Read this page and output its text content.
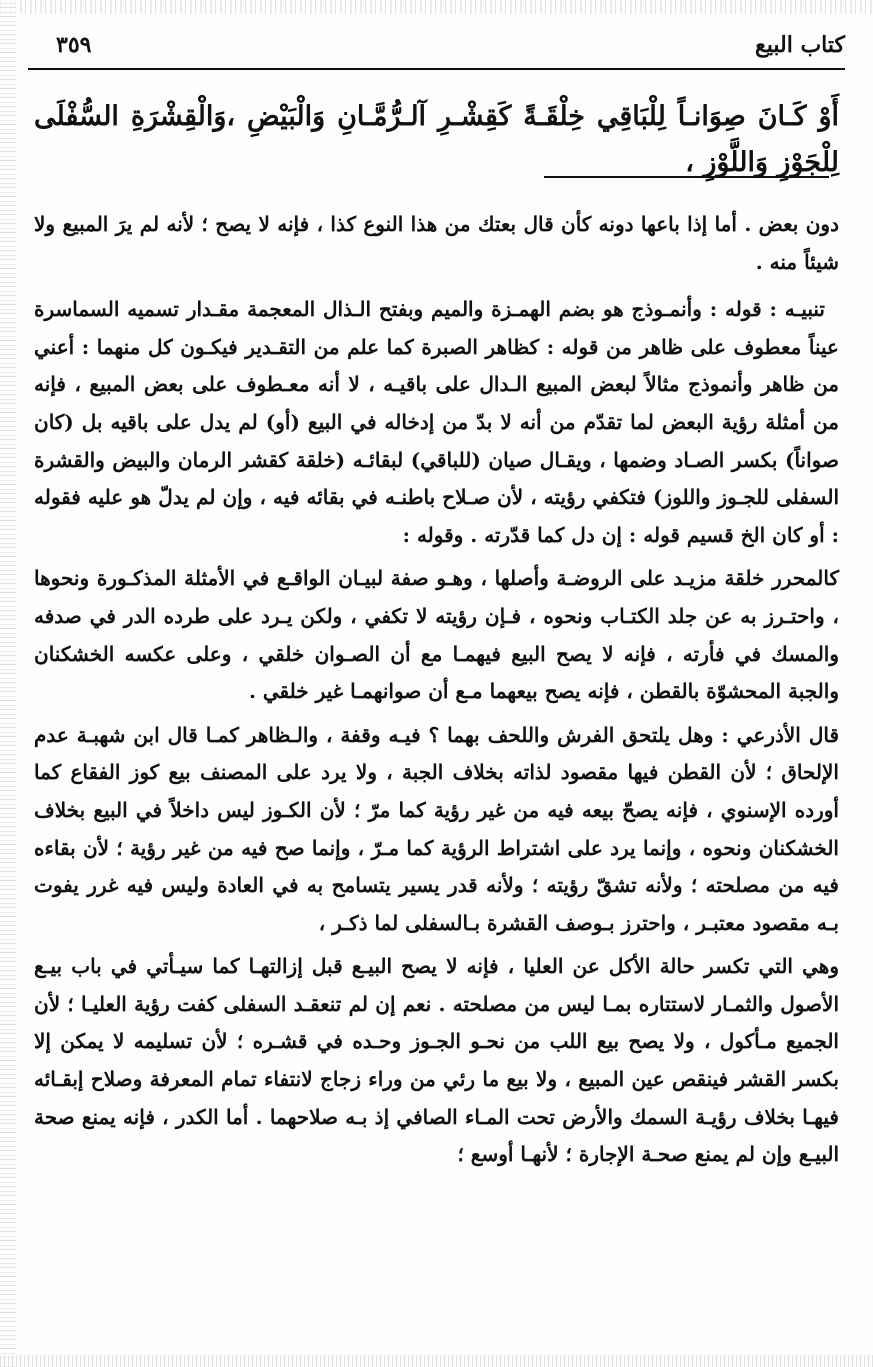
كتاب البيع
٣٥٩
أَوْ كَـانَ صِوَانـاً لِلْبَاقِي خِلْقَـةً كَقِشْـرِ آلـرُّمَّـانِ وَالْبَيْضِ ،وَالْقِشْرَةِ السُّفْلَى لِلْجَوْزِ وَاللَّوْزِ ،

دون بعض . أما إذا باعها دونه كأن قال بعتك من هذا النوع كذا ، فإنه لا يصح ؛ لأنه لم يرَ المبيع ولا شيئاً منه .

تنبيـه : قوله : وأنمـوذج هو بضم الهمـزة والميم وبفتح الـذال المعجمة مقـدار تسميه السماسرة عيناً معطوف على ظاهر من قوله : كظاهر الصبرة كما علم من التقـدير فيكـون كل منهما : أعني من ظاهر وأنموذج مثالاً لبعض المبيع الـدال على باقيـه ، لا أنه معـطوف على بعض المبيع ، فإنه من أمثلة رؤية البعض لما تقدّم من أنه لا بدّ من إدخاله في البيع (أو) لم يدل على باقيه بل (كان صواناً) بكسر الصـاد وضمها ، ويقـال صيان (للباقي) لبقائـه (خلقة كقشر الرمان والبيض والقشرة السفلى للجـوز واللوز) فتكفي رؤيته ، لأن صـلاح باطنـه في بقائه فيه ، وإن لم يدلّ هو عليه فقوله : أو كان الخ قسيم قوله : إن دل كما قدّرته . وقوله :

كالمحرر خلقة مزيـد على الروضـة وأصلها ، وهـو صفة لبيـان الواقـع في الأمثلة المذكـورة ونحوها ، واحتـرز به عن جلد الكتـاب ونحوه ، فـإن رؤيته لا تكفي ، ولكن يـرد على طرده الدر في صدفه والمسك في فأرته ، فإنه لا يصح البيع فيهمـا مع أن الصـوان خلقي ، وعلى عكسه الخشكنان والجبة المحشوّة بالقطن ، فإنه يصح بيعهما مـع أن صوانهمـا غير خلقي .

قال الأذرعي : وهل يلتحق الفرش واللحف بهما ؟ فيـه وقفة ، والـظاهر كمـا قال ابن شهبـة عدم الإلحاق ؛ لأن القطن فيها مقصود لذاته بخلاف الجبة ، ولا يرد على المصنف بيع كوز الفقاع كما أورده الإسنوي ، فإنه يصحّ بيعه فيه من غير رؤية كما مرّ ؛ لأن الكـوز ليس داخلاً في البيع بخلاف الخشكنان ونحوه ، وإنما يرد على اشتراط الرؤية كما مـرّ ، وإنما صح فيه من غير رؤية ؛ لأن بقاءه فيه من مصلحته ؛ ولأنه تشقّ رؤيته ؛ ولأنه قدر يسير يتسامح به في العادة وليس فيه غرر يفوت بـه مقصود معتبـر ، واحترز بـوصف القشرة بـالسفلى لما ذكـر ،

وهي التي تكسر حالة الأكل عن العليا ، فإنه لا يصح البيـع قبل إزالتهـا كما سيـأتي في باب بيـع الأصول والثمـار لاستتاره بمـا ليس من مصلحته . نعم إن لم تنعقـد السفلى كفت رؤية العليـا ؛ لأن الجميع مـأكول ، ولا يصح بيع اللب من نحـو الجـوز وحـده في قشـره ؛ لأن تسليمه لا يمكن إلا بكسر القشر فينقص عين المبيع ، ولا بيع ما رئي من وراء زجاج لانتفاء تمام المعرفة وصلاح إبقـائه فيهـا بخلاف رؤيـة السمك والأرض تحت المـاء الصافي إذ بـه صلاحهما . أما الكدر ، فإنه يمنع صحة البيـع وإن لم يمنع صحـة الإجارة ؛ لأنهـا أوسع ؛
